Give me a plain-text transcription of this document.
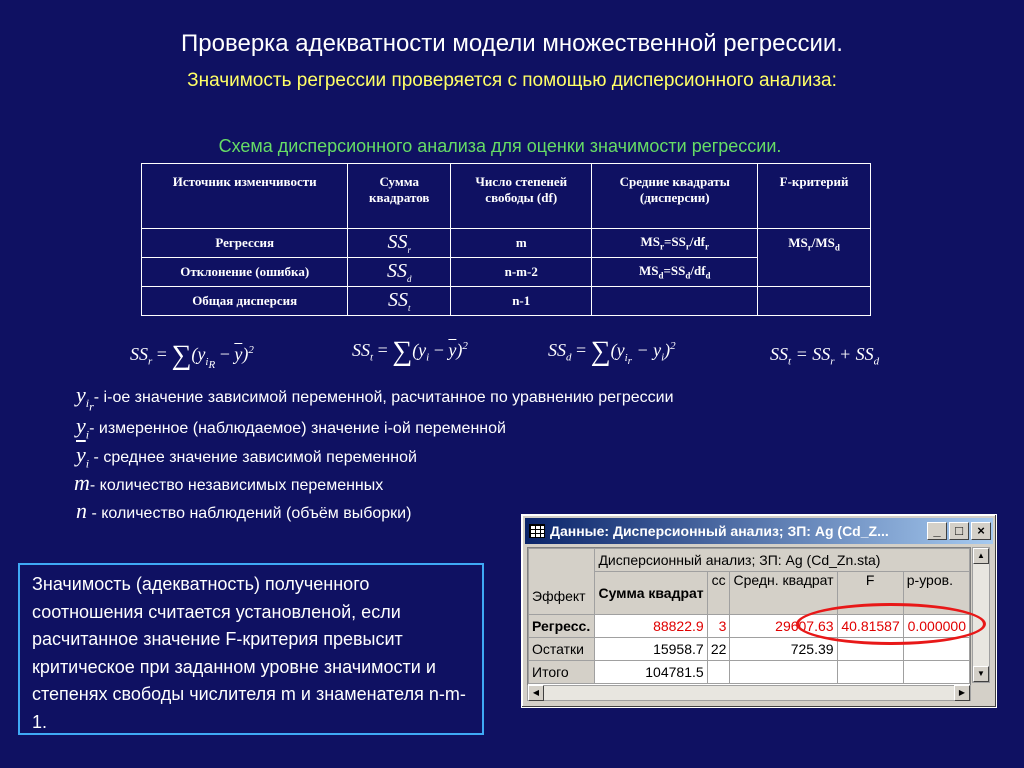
Проверка адекватности модели множественной регрессии.
Значимость регрессии проверяется с помощью дисперсионного анализа:
Схема дисперсионного анализа для оценки значимости регрессии.
Источник изменчивости	Сумма квадратов	Число степеней свободы (df)	Средние квадраты (дисперсии)	F-критерий
Регрессия	$SS_r$	m	$MS_r=SS_r/df_r$	$MS_r/MS_d$
Отклонение (ошибка)	$SS_d$	n-m-2	$MS_d=SS_d/df_d$
Общая дисперсия	$SS_t$	n-1		
$SS_r = \sum(y_{i_R} - \overline{y})^2$	$SS_t = \sum(y_i - \overline{y})^2$	$SS_d = \sum(y_{i_r} - y_i)^2$	$SS_t = SS_r + SS_d$
$y_{i_r}-$ i-ое значение зависимой переменной, расчитанное по уравнению регрессии
$y_i-$ измеренное (наблюдаемое) значение i-ой переменной
$\overline{y}_i$ - среднее значение зависимой переменной
m- количество независимых переменных
n - количество наблюдений (объём выборки)
Значимость (адекватность) полученного соотношения считается установленой, если расчитанное значение F-критерия превысит критическое при заданном уровне значимости и степенях свободы числителя m и знаменателя n-m-1.
Данные: Дисперсионный анализ; ЗП: Ag (Cd_Z...	_	□	×
Эффект	Дисперсионный анализ; ЗП: Ag (Cd_Zn.sta)				
	Сумма квадрат	сс	Средн. квадрат	F	р-уров.
Регресс.	88822.9	3	29607.63	40.81587	0.000000
Остатки	15958.7	22	725.39		
Итого	104781.5				
▲
▼
◀	▶
